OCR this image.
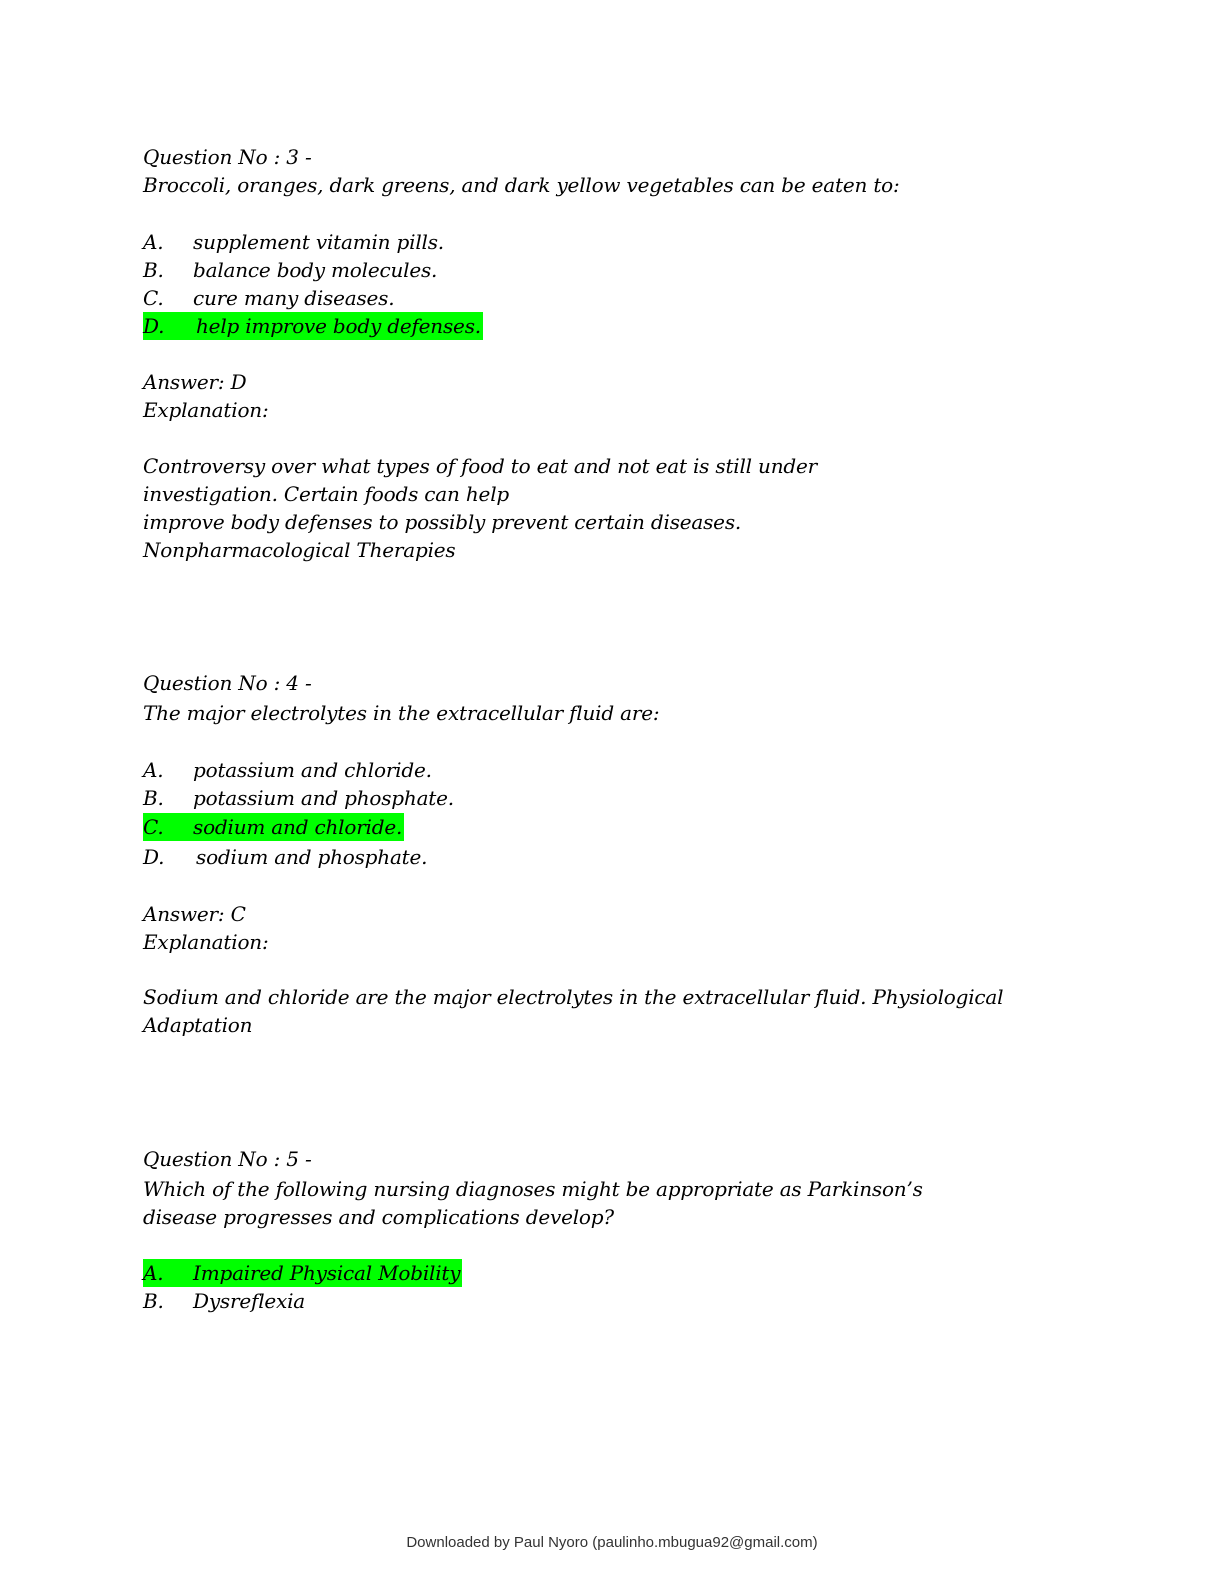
Question No : 3 -
Broccoli, oranges, dark greens, and dark yellow vegetables can be eaten to:
A. supplement vitamin pills.
B. balance body molecules.
C. cure many diseases.
D. help improve body defenses.
Answer: D
Explanation:
Controversy over what types of food to eat and not eat is still under
investigation. Certain foods can help
improve body defenses to possibly prevent certain diseases.
Nonpharmacological Therapies
Question No : 4 -
The major electrolytes in the extracellular fluid are:
A. potassium and chloride.
B. potassium and phosphate.
C. sodium and chloride.
D. sodium and phosphate.
Answer: C
Explanation:
Sodium and chloride are the major electrolytes in the extracellular fluid. Physiological
Adaptation
Question No : 5 -
Which of the following nursing diagnoses might be appropriate as Parkinson’s
disease progresses and complications develop?
A. Impaired Physical Mobility
B. Dysreflexia
Downloaded by Paul Nyoro (paulinho.mbugua92@gmail.com)
